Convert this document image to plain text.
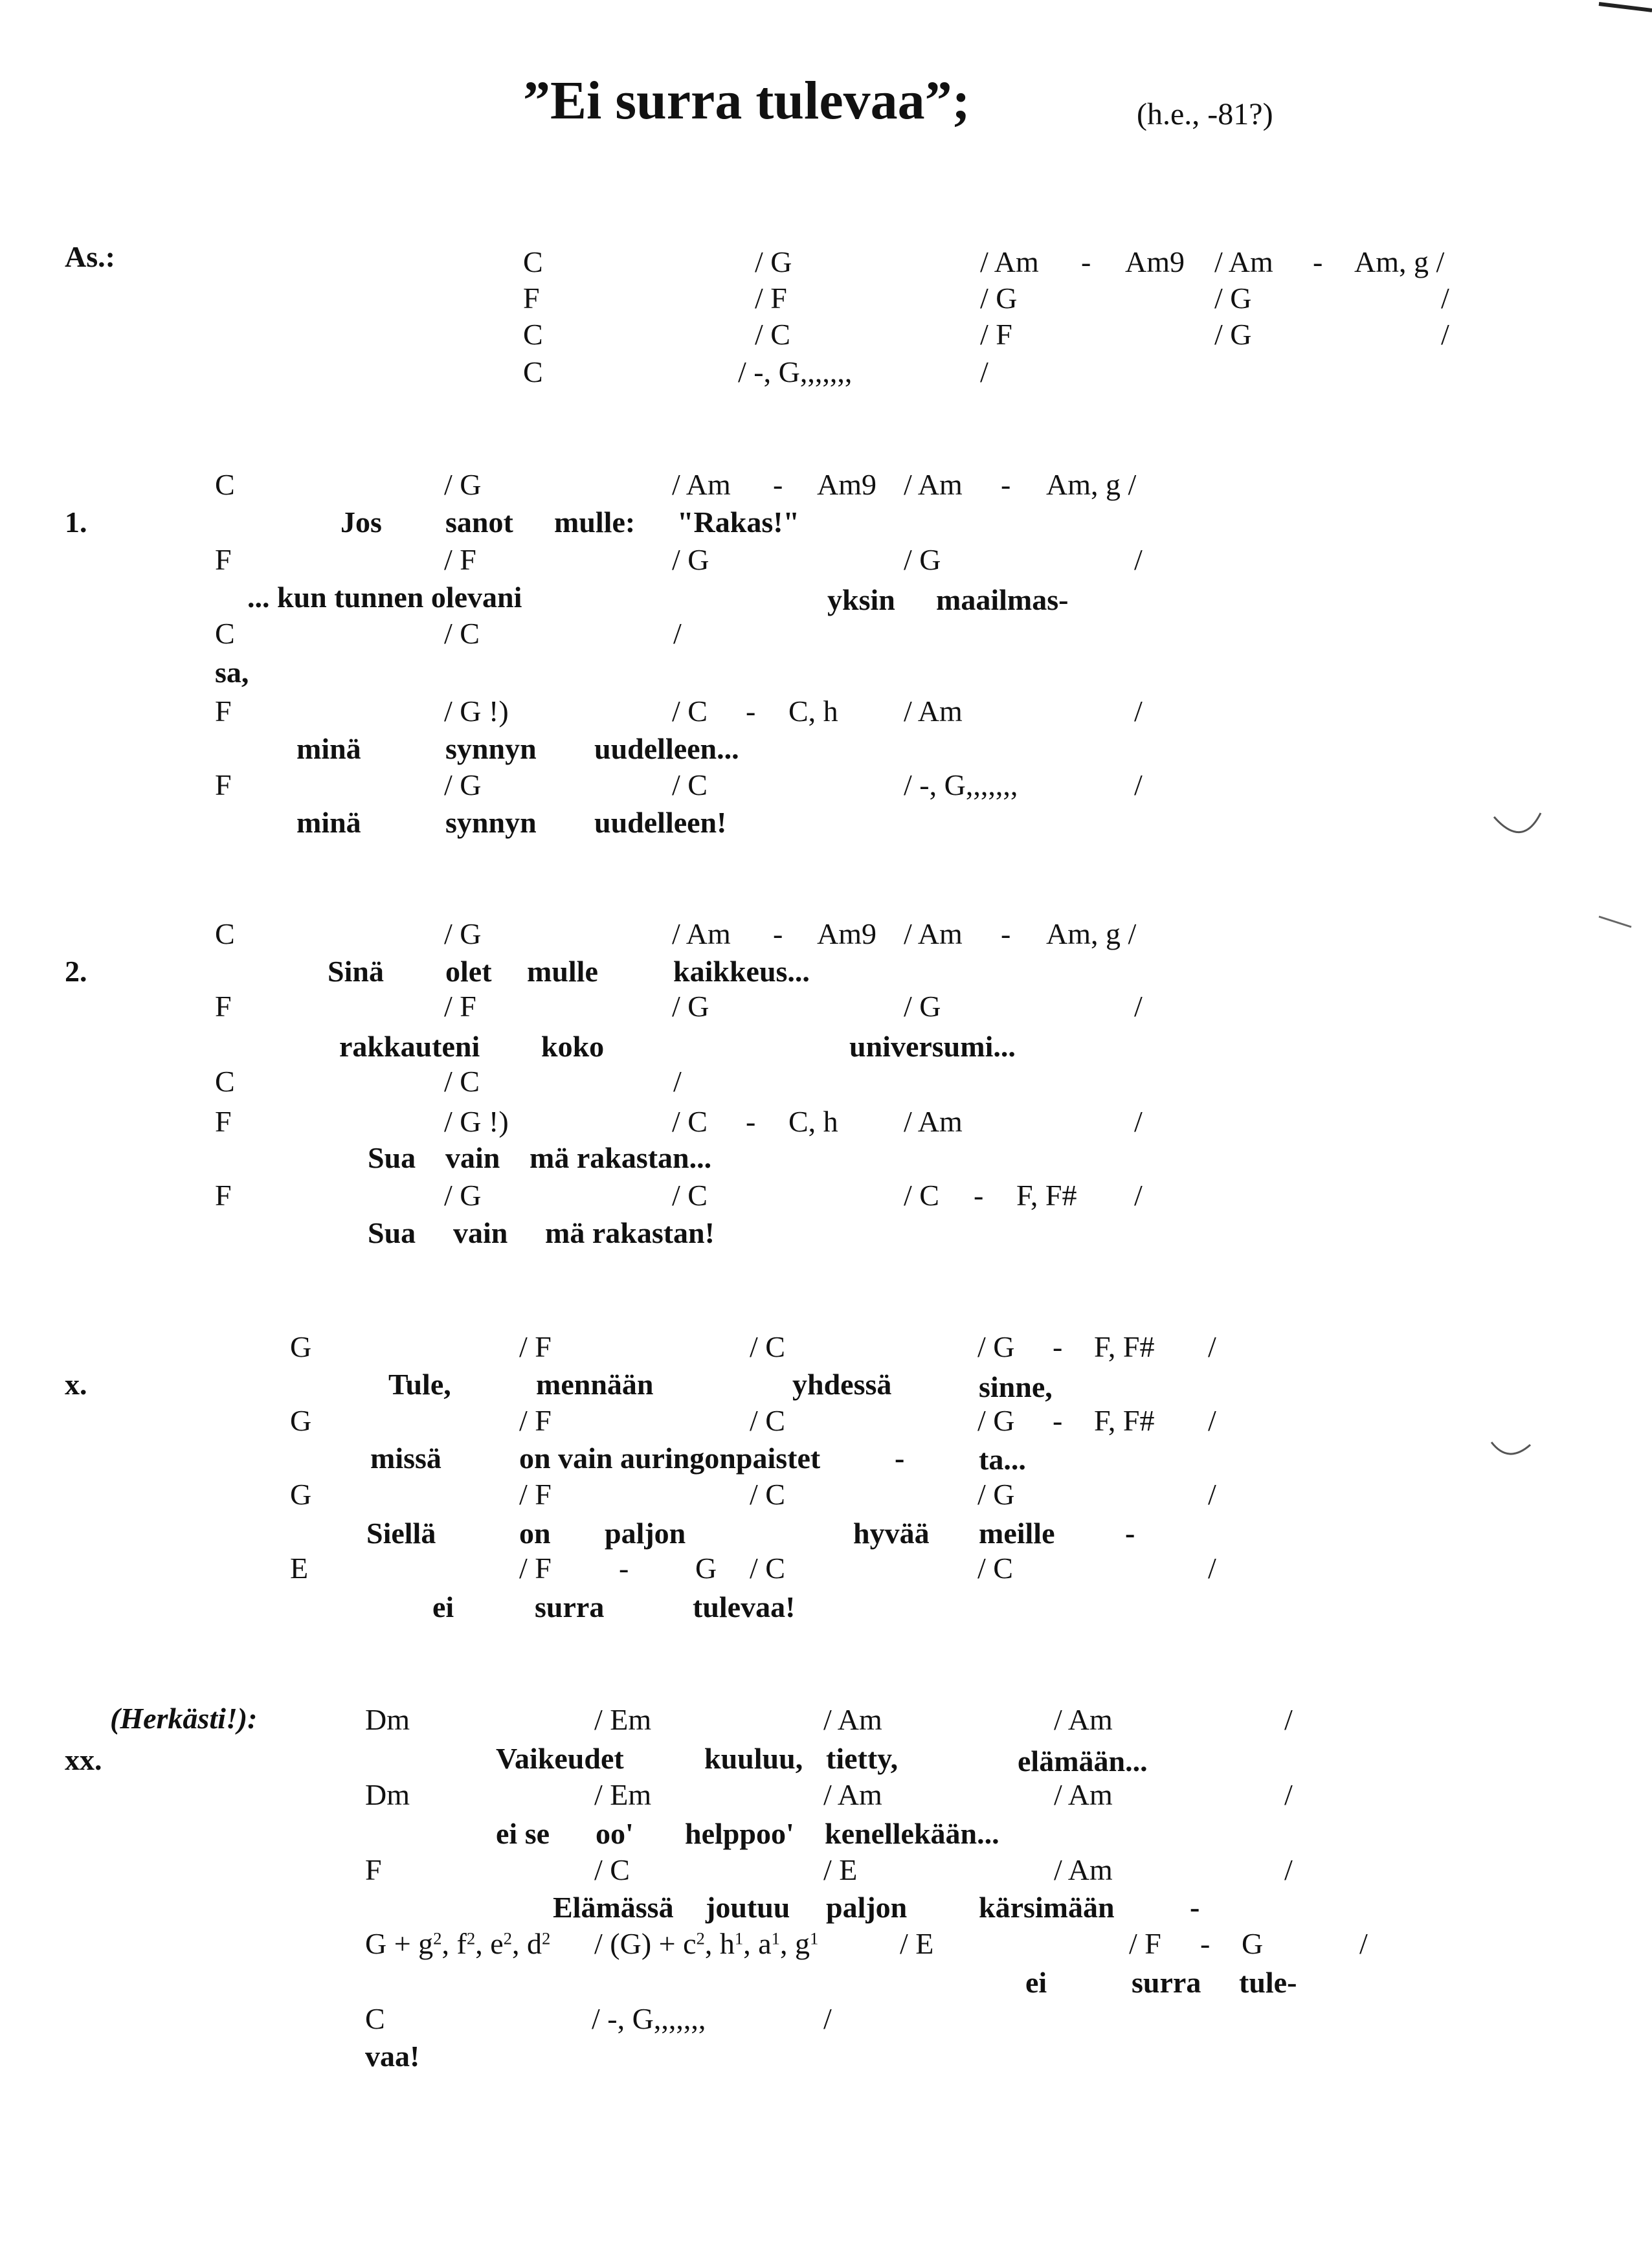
”Ei surra tulevaa”;	(h.e., -81?)
As.:	C	/ G	/ Am - Am9 / Am - Am, g /
F	/ F	/ G	/ G	/
C	/ C	/ F	/ G	/
C	/ -, G,,,,,,,	/
1.
C	/ G	/ Am - Am9 / Am - Am, g /
Jos sanot mulle: "Rakas!"
F	/ F	/ G	/ G	/
... kun tunnen olevani	yksin maailmas-
C	/ C	/
sa,
F	/ G !)	/ C - C, h / Am	/
minä	synnyn uudelleen...
F	/ G	/ C	/ -, G,,,,,,,	/
minä	synnyn uudelleen!
2.
C	/ G	/ Am - Am9 / Am - Am, g /
Sinä olet mulle	kaikkeus...
F	/ F	/ G	/ G	/
rakkauteni koko	universumi...
C	/ C	/
F	/ G !)	/ C - C, h / Am	/
Sua vain mä rakastan...
F	/ G	/ C	/ C - F, F# /
Sua vain mä rakastan!
x.
G	/ F	/ C	/ G - F, F# /
Tule,	mennään	yhdessä	sinne,
G	/ F	/ C	/ G - F, F# /
missä	on vain auringonpaistet - ta...
G	/ F	/ C	/ G	/
Siellä	on paljon	hyvää meille -
E	/ F - G / C	/ C	/
ei	surra	tulevaa!
(Herkästi!):
xx.
Dm	/ Em	/ Am	/ Am	/
Vaikeudet	kuuluu, tietty,	elämään...
Dm	/ Em	/ Am	/ Am	/
ei se oo' helppoo' kenellekään...
F	/ C	/ E	/ Am	/
Elämässä joutuu paljon kärsimään	-
$G + g^2$, $f^2$, $e^2$, $d^2 / (G) + c^2$, $h^1$, $a^1$, $g^1$	/ E	/ F - G	/
ei	surra tule-
C	/ -, G,,,,,,,	/
vaa!
